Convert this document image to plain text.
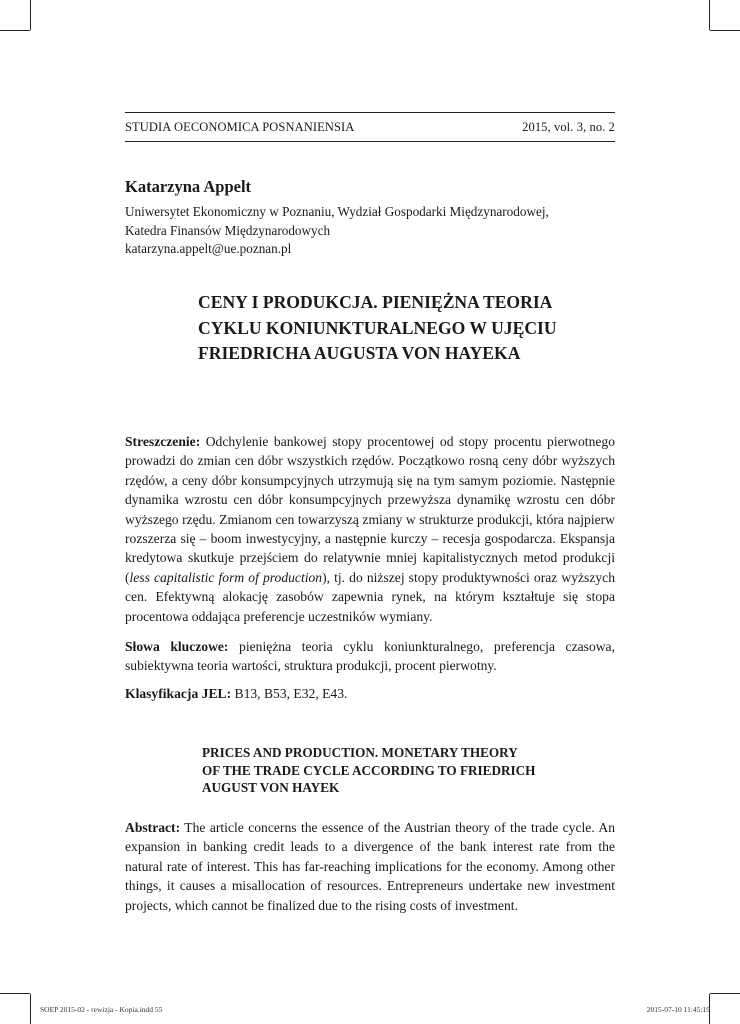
STUDIA OECONOMICA POSNANIENSIA	2015, vol. 3, no. 2
Katarzyna Appelt
Uniwersytet Ekonomiczny w Poznaniu, Wydział Gospodarki Międzynarodowej,
Katedra Finansów Międzynarodowych
katarzyna.appelt@ue.poznan.pl
CENY I PRODUKCJA. PIENIĘŻNA TEORIA
CYKLU KONIUNKTURALNEGO W UJĘCIU
FRIEDRICHA AUGUSTA VON HAYEKA
Streszczenie: Odchylenie bankowej stopy procentowej od stopy procentu pierwotnego prowadzi do zmian cen dóbr wszystkich rzędów. Początkowo rosną ceny dóbr wyższych rzędów, a ceny dóbr konsumpcyjnych utrzymują się na tym samym poziomie. Następnie dynamika wzrostu cen dóbr konsumpcyjnych przewyższa dynamikę wzrostu cen dóbr wyższego rzędu. Zmianom cen towarzyszą zmiany w strukturze produkcji, która najpierw rozszerza się – boom inwestycyjny, a następnie kurczy – recesja gospodarcza. Ekspansja kredytowa skutkuje przejściem do relatywnie mniej kapitalistycznych metod produkcji (less capitalistic form of production), tj. do niższej stopy produktywności oraz wyższych cen. Efektywną alokację zasobów zapewnia rynek, na którym kształtuje się stopa procentowa oddająca preferencje uczestników wymiany.
Słowa kluczowe: pieniężna teoria cyklu koniunkturalnego, preferencja czasowa, subiektywna teoria wartości, struktura produkcji, procent pierwotny.
Klasyfikacja JEL: B13, B53, E32, E43.
PRICES AND PRODUCTION. MONETARY THEORY
OF THE TRADE CYCLE ACCORDING TO FRIEDRICH
AUGUST VON HAYEK
Abstract: The article concerns the essence of the Austrian theory of the trade cycle. An expansion in banking credit leads to a divergence of the bank interest rate from the natural rate of interest. This has far-reaching implications for the economy. Among other things, it causes a misallocation of resources. Entrepreneurs undertake new investment projects, which cannot be finalized due to the rising costs of investment.
SOEP 2015-02 - rewizja - Kopia.indd 55	2015-07-10 11:45:19
